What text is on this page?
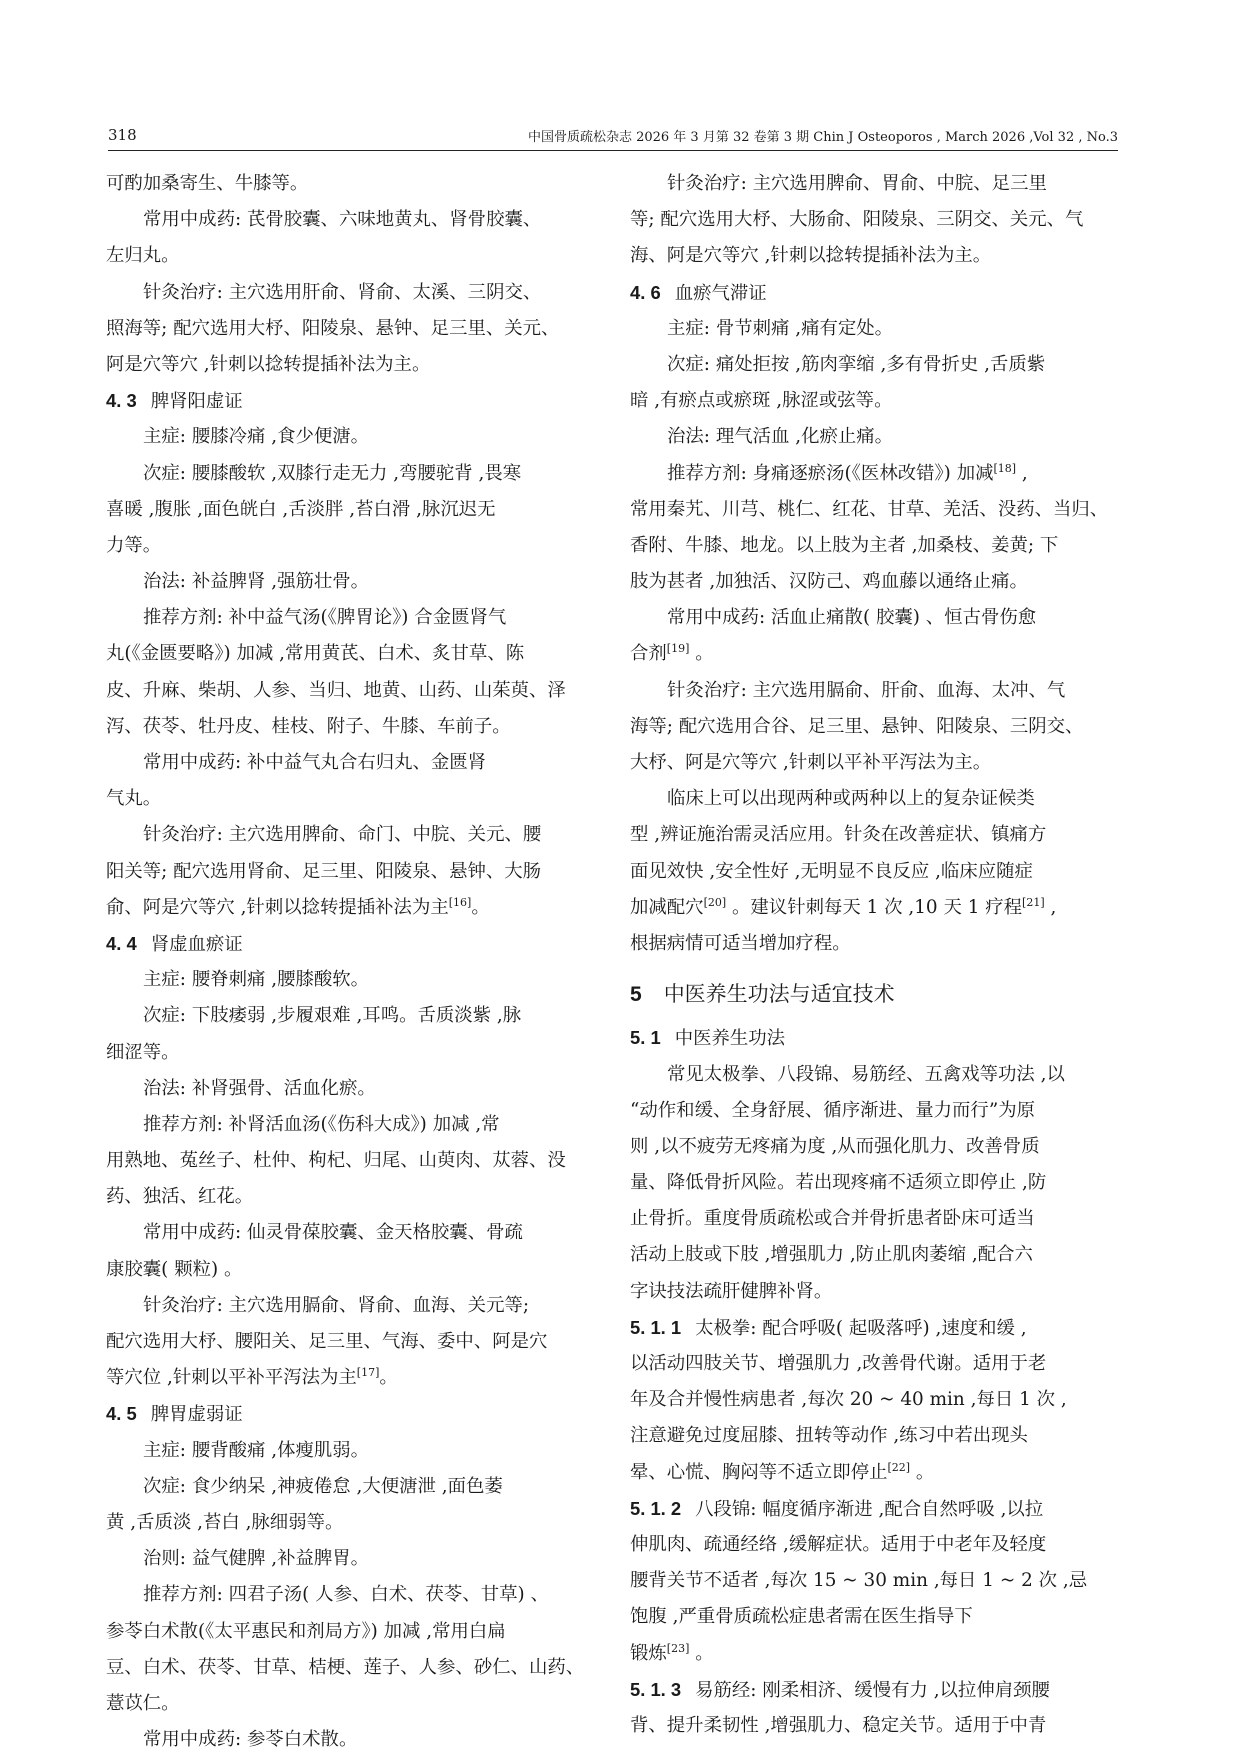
318	中国骨质疏松杂志 2026 年 3 月第 32 卷第 3 期 Chin J Osteoporos , March 2026 ,Vol 32 , No.3
可酌加桑寄生、牛膝等。
常用中成药: 芪骨胶囊、六味地黄丸、肾骨胶囊、
左归丸。
针灸治疗: 主穴选用肝俞、肾俞、太溪、三阴交、
照海等; 配穴选用大杼、阳陵泉、悬钟、足三里、关元、
阿是穴等穴 ,针刺以捻转提插补法为主。
4. 3 脾肾阳虚证
主症: 腰膝冷痛 ,食少便溏。
次症: 腰膝酸软 ,双膝行走无力 ,弯腰驼背 ,畏寒
喜暖 ,腹胀 ,面色㿠白 ,舌淡胖 ,苔白滑 ,脉沉迟无
力等。
治法: 补益脾肾 ,强筋壮骨。
推荐方剂: 补中益气汤(《脾胃论》) 合金匮肾气
丸(《金匮要略》) 加减 ,常用黄芪、白术、炙甘草、陈
皮、升麻、柴胡、人参、当归、地黄、山药、山茱萸、泽
泻、茯苓、牡丹皮、桂枝、附子、牛膝、车前子。
常用中成药: 补中益气丸合右归丸、金匮肾
气丸。
针灸治疗: 主穴选用脾俞、命门、中脘、关元、腰
阳关等; 配穴选用肾俞、足三里、阳陵泉、悬钟、大肠
俞、阿是穴等穴 ,针刺以捻转提插补法为主[16]。
4. 4 肾虚血瘀证
主症: 腰脊刺痛 ,腰膝酸软。
次症: 下肢痿弱 ,步履艰难 ,耳鸣。舌质淡紫 ,脉
细涩等。
治法: 补肾强骨、活血化瘀。
推荐方剂: 补肾活血汤(《伤科大成》) 加减 ,常
用熟地、菟丝子、杜仲、枸杞、归尾、山萸肉、苁蓉、没
药、独活、红花。
常用中成药: 仙灵骨葆胶囊、金天格胶囊、骨疏
康胶囊( 颗粒) 。
针灸治疗: 主穴选用膈俞、肾俞、血海、关元等;
配穴选用大杼、腰阳关、足三里、气海、委中、阿是穴
等穴位 ,针刺以平补平泻法为主[17]。
4. 5 脾胃虚弱证
主症: 腰背酸痛 ,体瘦肌弱。
次症: 食少纳呆 ,神疲倦怠 ,大便溏泄 ,面色萎
黄 ,舌质淡 ,苔白 ,脉细弱等。
治则: 益气健脾 ,补益脾胃。
推荐方剂: 四君子汤( 人参、白术、茯苓、甘草) 、
参苓白术散(《太平惠民和剂局方》) 加减 ,常用白扁
豆、白术、茯苓、甘草、桔梗、莲子、人参、砂仁、山药、
薏苡仁。
常用中成药: 参苓白术散。
针灸治疗: 主穴选用脾俞、胃俞、中脘、足三里
等; 配穴选用大杼、大肠俞、阳陵泉、三阴交、关元、气
海、阿是穴等穴 ,针刺以捻转提插补法为主。
4. 6 血瘀气滞证
主症: 骨节刺痛 ,痛有定处。
次症: 痛处拒按 ,筋肉挛缩 ,多有骨折史 ,舌质紫
暗 ,有瘀点或瘀斑 ,脉涩或弦等。
治法: 理气活血 ,化瘀止痛。
推荐方剂: 身痛逐瘀汤(《医林改错》) 加减[18] ,
常用秦艽、川芎、桃仁、红花、甘草、羌活、没药、当归、
香附、牛膝、地龙。以上肢为主者 ,加桑枝、姜黄; 下
肢为甚者 ,加独活、汉防己、鸡血藤以通络止痛。
常用中成药: 活血止痛散( 胶囊) 、恒古骨伤愈
合剂[19] 。
针灸治疗: 主穴选用膈俞、肝俞、血海、太冲、气
海等; 配穴选用合谷、足三里、悬钟、阳陵泉、三阴交、
大杼、阿是穴等穴 ,针刺以平补平泻法为主。
临床上可以出现两种或两种以上的复杂证候类
型 ,辨证施治需灵活应用。针灸在改善症状、镇痛方
面见效快 ,安全性好 ,无明显不良反应 ,临床应随症
加减配穴[20] 。建议针刺每天 1 次 ,10 天 1 疗程[21] ,
根据病情可适当增加疗程。
5 中医养生功法与适宜技术
5. 1 中医养生功法
常见太极拳、八段锦、易筋经、五禽戏等功法 ,以
“动作和缓、全身舒展、循序渐进、量力而行”为原
则 ,以不疲劳无疼痛为度 ,从而强化肌力、改善骨质
量、降低骨折风险。若出现疼痛不适须立即停止 ,防
止骨折。重度骨质疏松或合并骨折患者卧床可适当
活动上肢或下肢 ,增强肌力 ,防止肌肉萎缩 ,配合六
字诀技法疏肝健脾补肾。
5. 1. 1 太极拳: 配合呼吸( 起吸落呼) ,速度和缓 ,
以活动四肢关节、增强肌力 ,改善骨代谢。适用于老
年及合并慢性病患者 ,每次 20 ~ 40 min ,每日 1 次 ,
注意避免过度屈膝、扭转等动作 ,练习中若出现头
晕、心慌、胸闷等不适立即停止[22] 。
5. 1. 2 八段锦: 幅度循序渐进 ,配合自然呼吸 ,以拉
伸肌肉、疏通经络 ,缓解症状。适用于中老年及轻度
腰背关节不适者 ,每次 15 ~ 30 min ,每日 1 ~ 2 次 ,忌
饱腹 ,严重骨质疏松症患者需在医生指导下
锻炼[23] 。
5. 1. 3 易筋经: 刚柔相济、缓慢有力 ,以拉伸肩颈腰
背、提升柔韧性 ,增强肌力、稳定关节。适用于中青
